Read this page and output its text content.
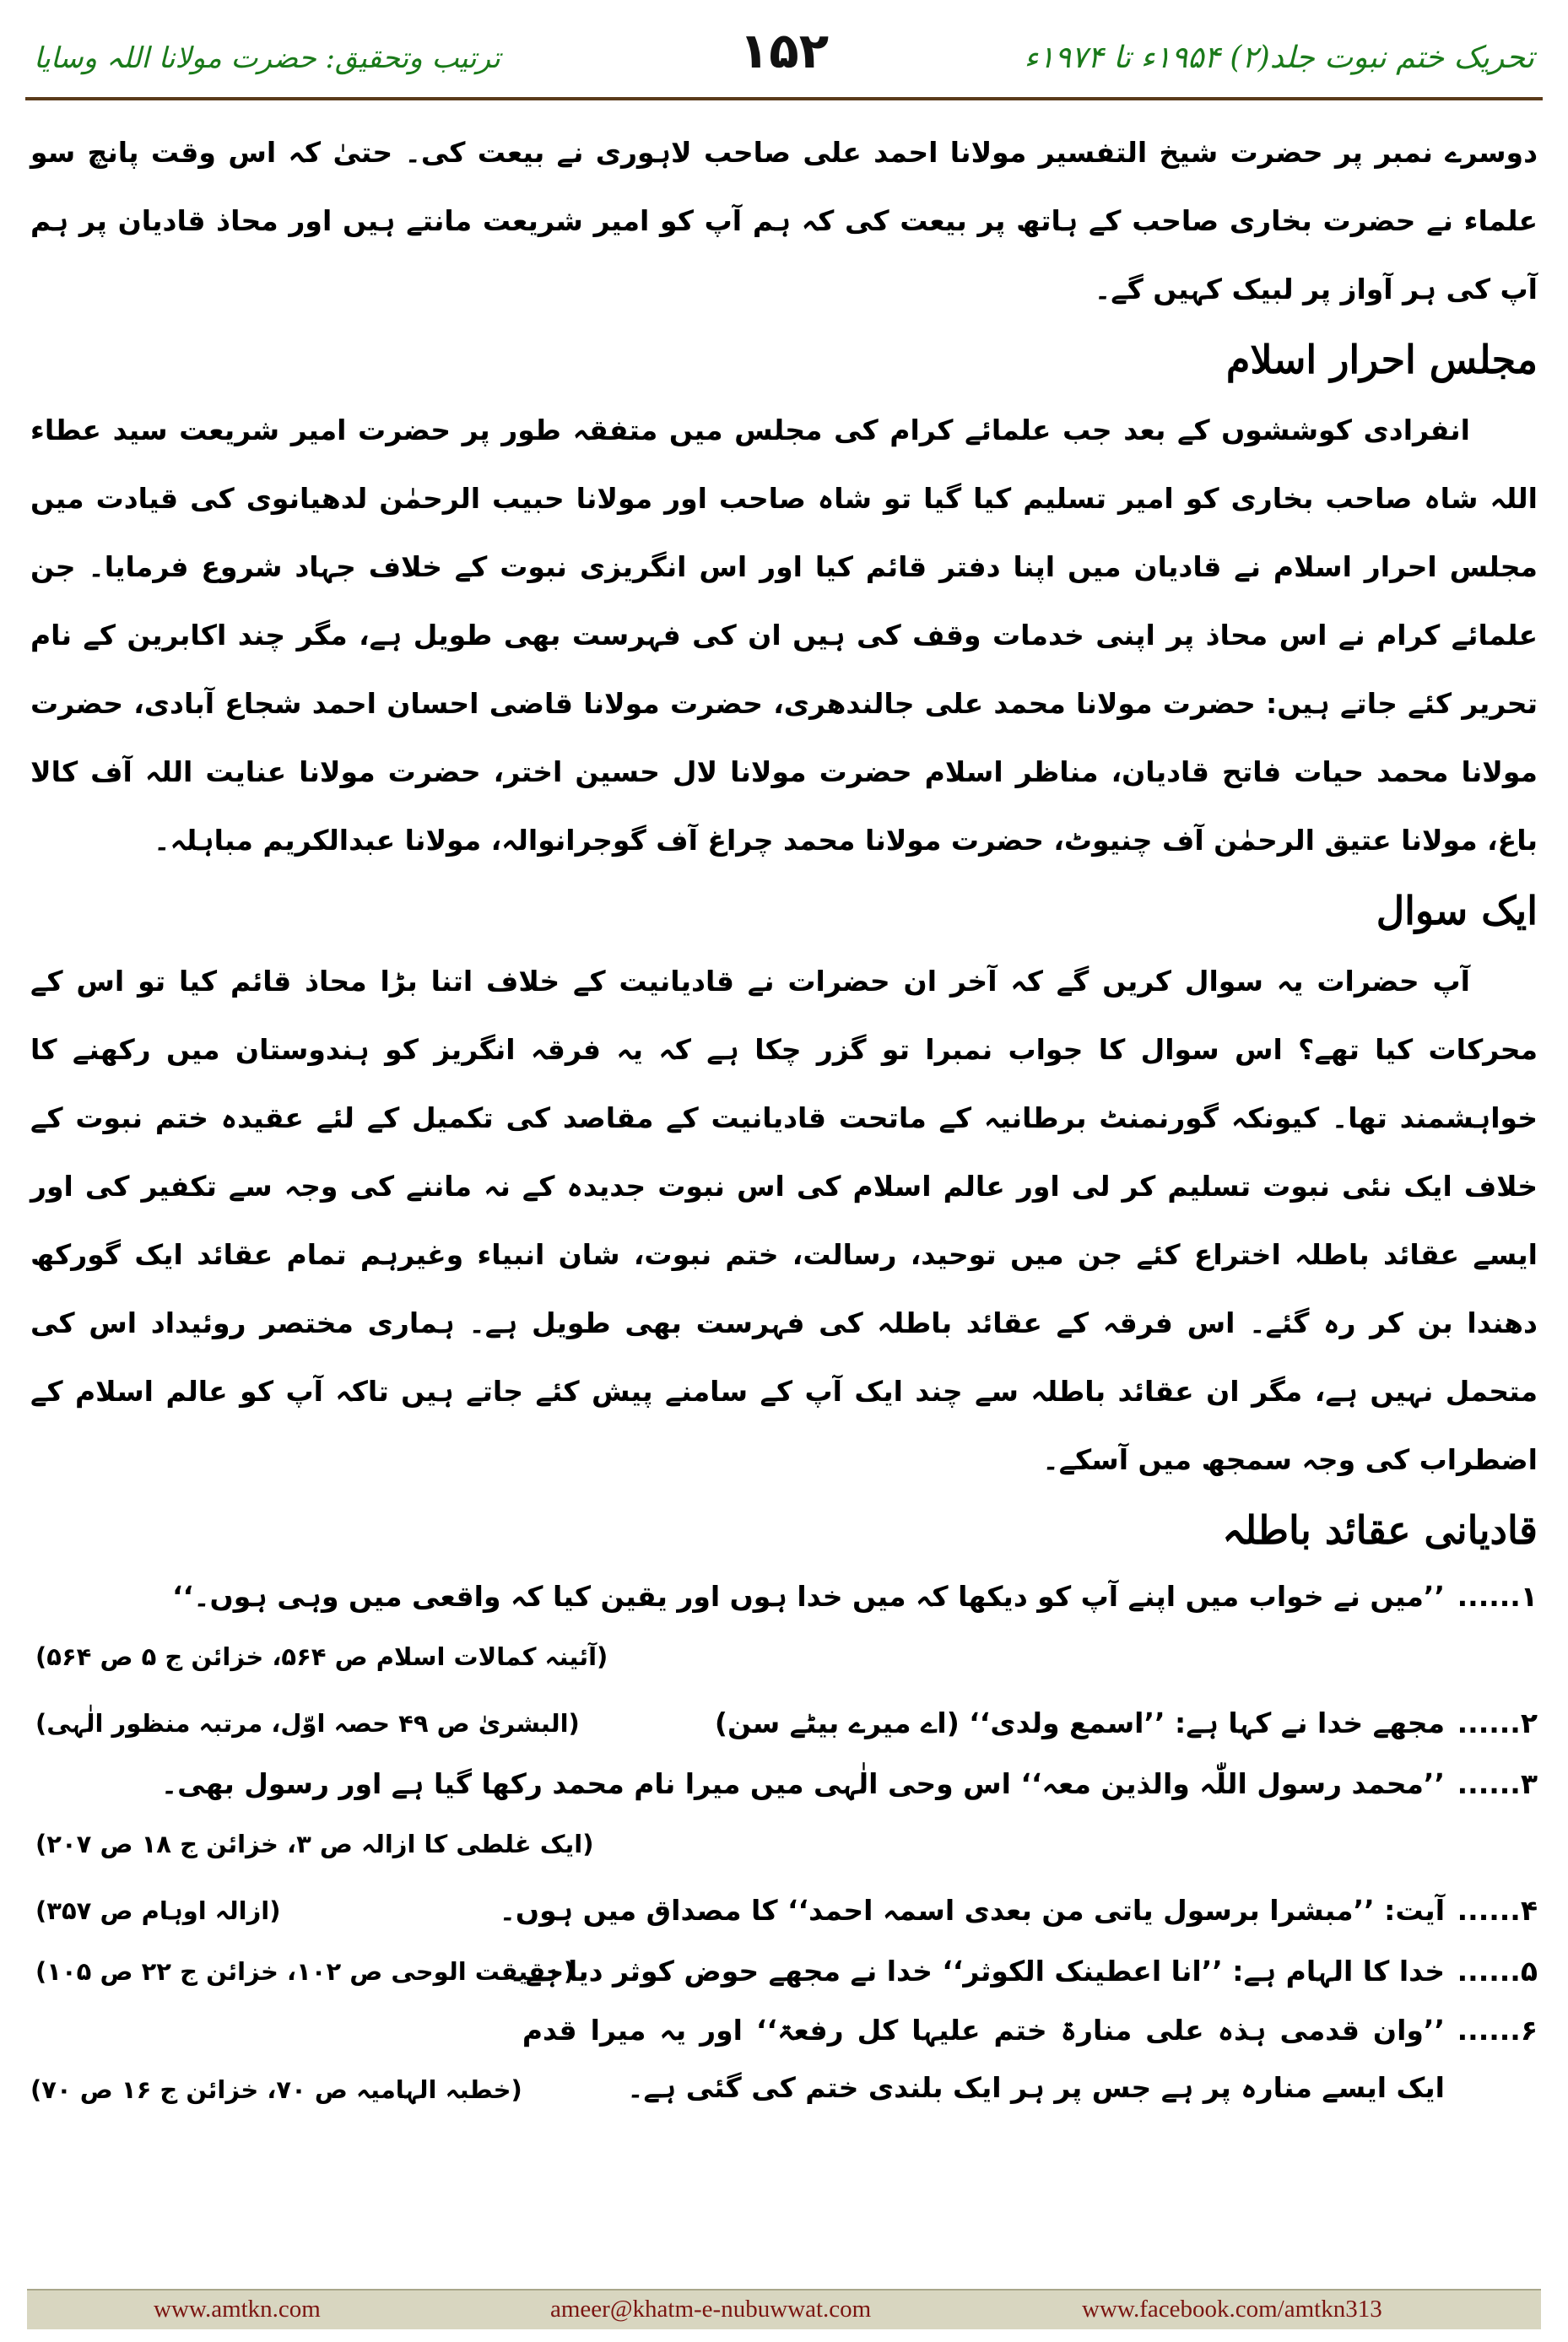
تحریک ختم نبوت جلد(۲) ۱۹۵۴ء تا ۱۹۷۴ء
۱۵۲
ترتیب وتحقیق: حضرت مولانا اللہ وسایا

دوسرے نمبر پر حضرت شیخ التفسیر مولانا احمد علی صاحب لاہوری نے بیعت کی۔ حتیٰ کہ اس وقت پانچ سو علماء نے حضرت بخاری صاحب کے ہاتھ پر بیعت کی کہ ہم آپ کو امیر شریعت مانتے ہیں اور محاذ قادیان پر ہم آپ کی ہر آواز پر لبیک کہیں گے۔

مجلس احرار اسلام

انفرادی کوششوں کے بعد جب علمائے کرام کی مجلس میں متفقہ طور پر حضرت امیر شریعت سید عطاء اللہ شاہ صاحب بخاری کو امیر تسلیم کیا گیا تو شاہ صاحب اور مولانا حبیب الرحمٰن لدھیانوی کی قیادت میں مجلس احرار اسلام نے قادیان میں اپنا دفتر قائم کیا اور اس انگریزی نبوت کے خلاف جہاد شروع فرمایا۔ جن علمائے کرام نے اس محاذ پر اپنی خدمات وقف کی ہیں ان کی فہرست بھی طویل ہے، مگر چند اکابرین کے نام تحریر کئے جاتے ہیں: حضرت مولانا محمد علی جالندھری، حضرت مولانا قاضی احسان احمد شجاع آبادی، حضرت مولانا محمد حیات فاتح قادیان، مناظر اسلام حضرت مولانا لال حسین اختر، حضرت مولانا عنایت اللہ آف کالا باغ، مولانا عتیق الرحمٰن آف چنیوٹ، حضرت مولانا محمد چراغ آف گوجرانوالہ، مولانا عبدالکریم مباہلہ۔

ایک سوال

آپ حضرات یہ سوال کریں گے کہ آخر ان حضرات نے قادیانیت کے خلاف اتنا بڑا محاذ قائم کیا تو اس کے محرکات کیا تھے؟ اس سوال کا جواب نمبرا تو گزر چکا ہے کہ یہ فرقہ انگریز کو ہندوستان میں رکھنے کا خواہشمند تھا۔ کیونکہ گورنمنٹ برطانیہ کے ماتحت قادیانیت کے مقاصد کی تکمیل کے لئے عقیدہ ختم نبوت کے خلاف ایک نئی نبوت تسلیم کر لی اور عالم اسلام کی اس نبوت جدیدہ کے نہ ماننے کی وجہ سے تکفیر کی اور ایسے عقائد باطلہ اختراع کئے جن میں توحید، رسالت، ختم نبوت، شان انبیاء وغیرہم تمام عقائد ایک گورکھ دھندا بن کر رہ گئے۔ اس فرقہ کے عقائد باطلہ کی فہرست بھی طویل ہے۔ ہماری مختصر روئیداد اس کی متحمل نہیں ہے، مگر ان عقائد باطلہ سے چند ایک آپ کے سامنے پیش کئے جاتے ہیں تاکہ آپ کو عالم اسلام کے اضطراب کی وجہ سمجھ میں آسکے۔

قادیانی عقائد باطلہ
۱......
’’میں نے خواب میں اپنے آپ کو دیکھا کہ میں خدا ہوں اور یقین کیا کہ واقعی میں وہی ہوں۔‘‘
(آئینہ کمالات اسلام ص ۵۶۴، خزائن ج ۵ ص ۵۶۴)
۲......
مجھے خدا نے کہا ہے: ’’اسمع ولدی‘‘ (اے میرے بیٹے سن)
(البشریٰ ص ۴۹ حصہ اوّل، مرتبہ منظور الٰہی)
۳......
’’محمد رسول اللّٰہ والذین معہ‘‘ اس وحی الٰہی میں میرا نام محمد رکھا گیا ہے اور رسول بھی۔
(ایک غلطی کا ازالہ ص ۳، خزائن ج ۱۸ ص ۲۰۷)
۴......
آیت: ’’مبشرا برسول یاتی من بعدی اسمہ احمد‘‘ کا مصداق میں ہوں۔
(ازالہ اوہام ص ۳۵۷)
۵......
خدا کا الہام ہے: ’’انا اعطینک الکوثر‘‘ خدا نے مجھے حوض کوثر دیا ہے۔
(حقیقت الوحی ص ۱۰۲، خزائن ج ۲۲ ص ۱۰۵)
۶......
(خطبہ الہامیہ ص ۷۰، خزائن ج ۱۶ ص ۷۰)
’’وان قدمی ہذہ علی منارۃ ختم علیہا کل رفعۃ‘‘ اور یہ میرا قدم ایک ایسے منارہ پر ہے جس پر ہر ایک بلندی ختم کی گئی ہے۔
www.amtkn.com	ameer@khatm-e-nubuwwat.com	www.facebook.com/amtkn313
